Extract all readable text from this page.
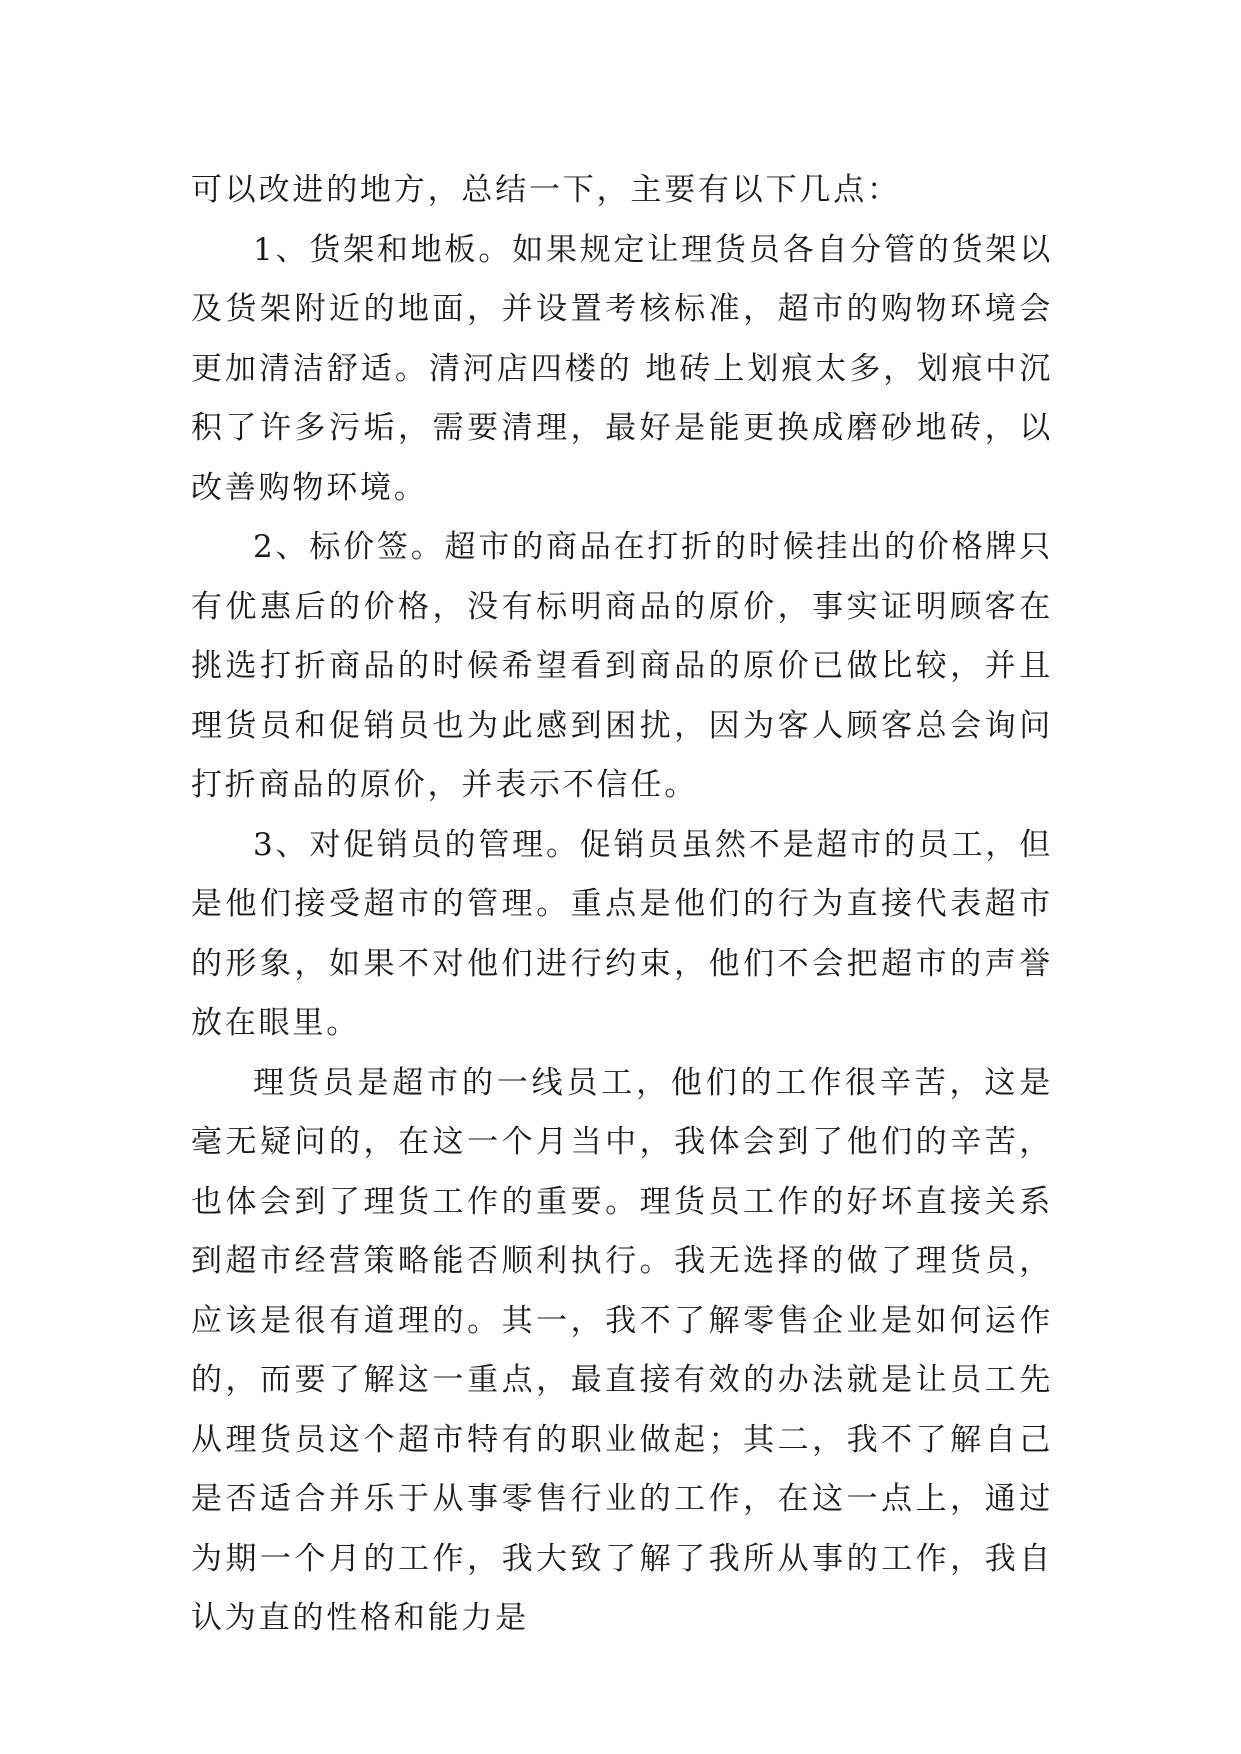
可以改进的地方，总结一下，主要有以下几点：

1、货架和地板。如果规定让理货员各自分管的货架以及货架附近的地面，并设置考核标准，超市的购物环境会更加清洁舒适。清河店四楼的 地砖上划痕太多，划痕中沉积了许多污垢，需要清理，最好是能更换成磨砂地砖，以改善购物环境。

2、标价签。超市的商品在打折的时候挂出的价格牌只有优惠后的价格，没有标明商品的原价，事实证明顾客在挑选打折商品的时候希望看到商品的原价已做比较，并且理货员和促销员也为此感到困扰，因为客人顾客总会询问打折商品的原价，并表示不信任。

3、对促销员的管理。促销员虽然不是超市的员工，但是他们接受超市的管理。重点是他们的行为直接代表超市的形象，如果不对他们进行约束，他们不会把超市的声誉放在眼里。

理货员是超市的一线员工，他们的工作很辛苦，这是毫无疑问的，在这一个月当中，我体会到了他们的辛苦，也体会到了理货工作的重要。理货员工作的好坏直接关系到超市经营策略能否顺利执行。我无选择的做了理货员，应该是很有道理的。其一，我不了解零售企业是如何运作的，而要了解这一重点，最直接有效的办法就是让员工先从理货员这个超市特有的职业做起；其二，我不了解自己是否适合并乐于从事零售行业的工作，在这一点上，通过为期一个月的工作，我大致了解了我所从事的工作，我自认为直的性格和能力是
